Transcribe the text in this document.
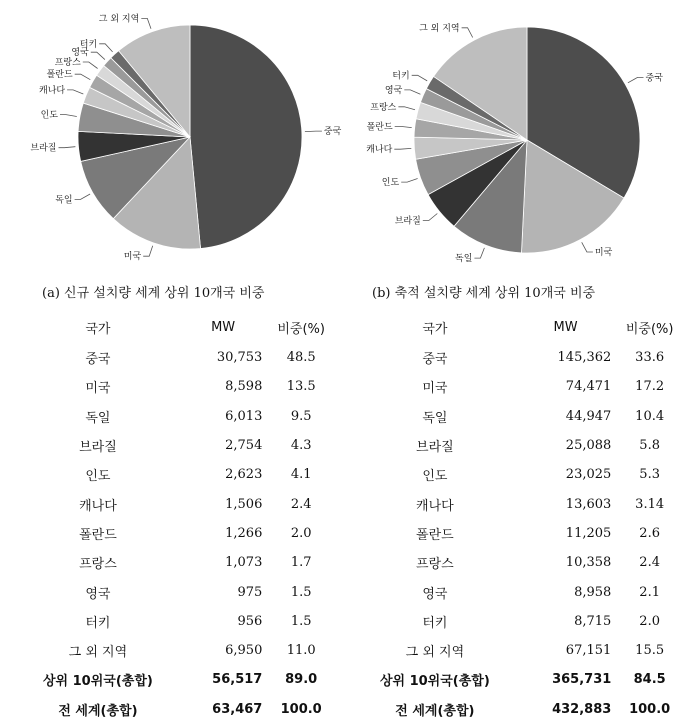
중국
미국
독일
브라질
인도
캐나다
폴란드
프랑스
영국
터키
그 외 지역
중국
미국
독일
브라질
인도
캐나다
폴란드
프랑스
영국
터키
그 외 지역
(a) 신규 설치량 세계 상위 10개국 비중	(b) 축적 설치량 세계 상위 10개국 비중
국가	MW	비중(%)
중국	30,753	48.5
미국	8,598	13.5
독일	6,013	9.5
브라질	2,754	4.3
인도	2,623	4.1
캐나다	1,506	2.4
폴란드	1,266	2.0
프랑스	1,073	1.7
영국	975	1.5
터키	956	1.5
그 외 지역	6,950	11.0
상위 10위국(총합)	56,517	89.0
전 세계(총합)	63,467	100.0
국가	MW	비중(%)
중국	145,362	33.6
미국	74,471	17.2
독일	44,947	10.4
브라질	25,088	5.8
인도	23,025	5.3
캐나다	13,603	3.14
폴란드	11,205	2.6
프랑스	10,358	2.4
영국	8,958	2.1
터키	8,715	2.0
그 외 지역	67,151	15.5
상위 10위국(총합)	365,731	84.5
전 세계(총합)	432,883	100.0
